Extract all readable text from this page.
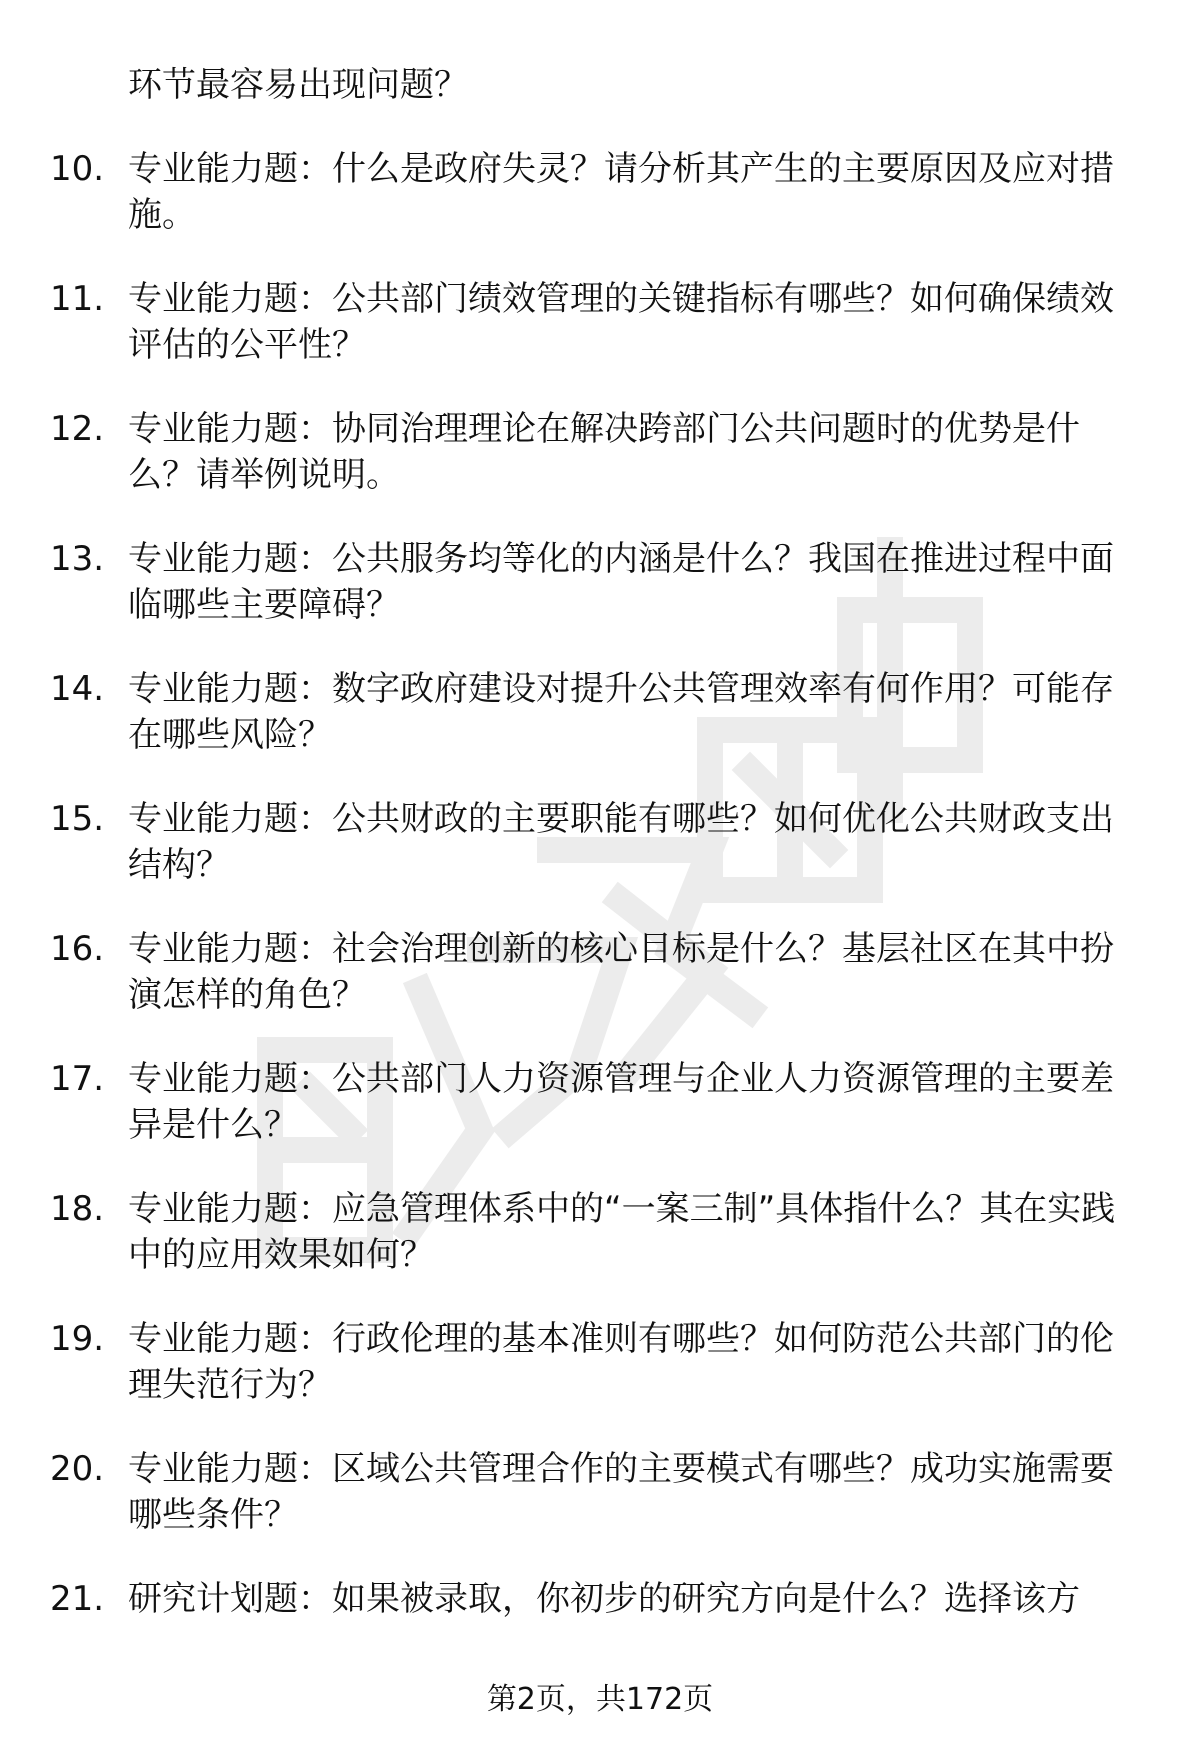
环节最容易出现问题？
10. 专业能力题：什么是政府失灵？请分析其产生的主要原因及应对措施。
11. 专业能力题：公共部门绩效管理的关键指标有哪些？如何确保绩效评估的公平性？
12. 专业能力题：协同治理理论在解决跨部门公共问题时的优势是什么？请举例说明。
13. 专业能力题：公共服务均等化的内涵是什么？我国在推进过程中面临哪些主要障碍？
14. 专业能力题：数字政府建设对提升公共管理效率有何作用？可能存在哪些风险？
15. 专业能力题：公共财政的主要职能有哪些？如何优化公共财政支出结构？
16. 专业能力题：社会治理创新的核心目标是什么？基层社区在其中扮演怎样的角色？
17. 专业能力题：公共部门人力资源管理与企业人力资源管理的主要差异是什么？
18. 专业能力题：应急管理体系中的“一案三制”具体指什么？其在实践中的应用效果如何？
19. 专业能力题：行政伦理的基本准则有哪些？如何防范公共部门的伦理失范行为？
20. 专业能力题：区域公共管理合作的主要模式有哪些？成功实施需要哪些条件？
21. 研究计划题：如果被录取，你初步的研究方向是什么？选择该方
第2页，共172页
